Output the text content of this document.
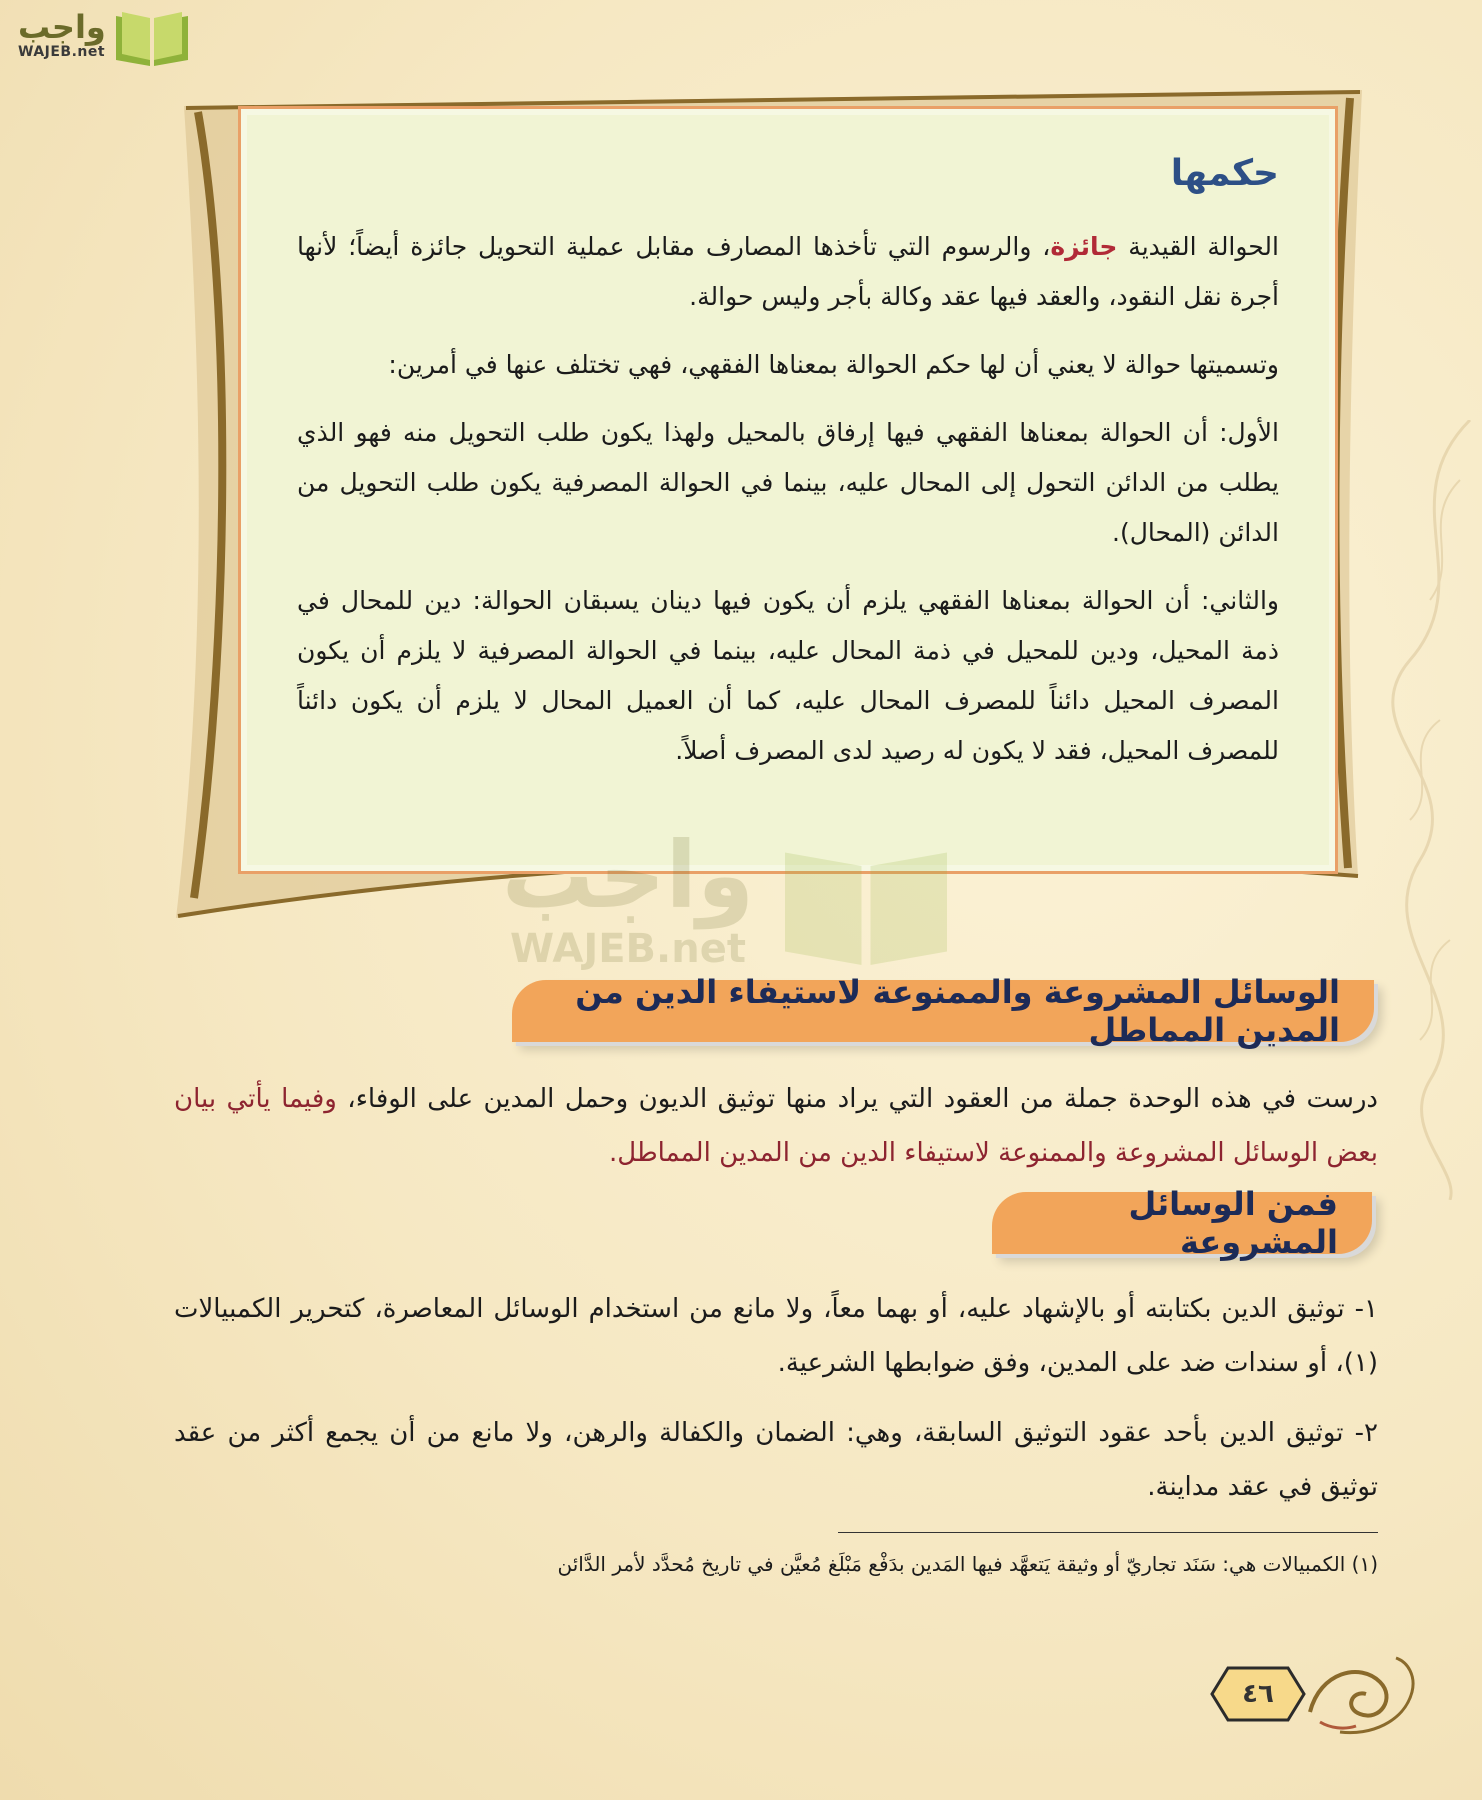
واجب
WAJEB.net
حكمها

الحوالة القيدية جائزة، والرسوم التي تأخذها المصارف مقابل عملية التحويل جائزة أيضاً؛ لأنها أجرة نقل النقود، والعقد فيها عقد وكالة بأجر وليس حوالة.

وتسميتها حوالة لا يعني أن لها حكم الحوالة بمعناها الفقهي، فهي تختلف عنها في أمرين:

الأول: أن الحوالة بمعناها الفقهي فيها إرفاق بالمحيل ولهذا يكون طلب التحويل منه فهو الذي يطلب من الدائن التحول إلى المحال عليه، بينما في الحوالة المصرفية يكون طلب التحويل من الدائن (المحال).

والثاني: أن الحوالة بمعناها الفقهي يلزم أن يكون فيها دينان يسبقان الحوالة: دين للمحال في ذمة المحيل، ودين للمحيل في ذمة المحال عليه، بينما في الحوالة المصرفية لا يلزم أن يكون المصرف المحيل دائناً للمصرف المحال عليه، كما أن العميل المحال لا يلزم أن يكون دائناً للمصرف المحيل، فقد لا يكون له رصيد لدى المصرف أصلاً.

واجب
WAJEB.net
الوسائل المشروعة والممنوعة لاستيفاء الدين من المدين المماطل
درست في هذه الوحدة جملة من العقود التي يراد منها توثيق الديون وحمل المدين على الوفاء، وفيما يأتي بيان بعض الوسائل المشروعة والممنوعة لاستيفاء الدين من المدين المماطل.
فمن الوسائل المشروعة
١- توثيق الدين بكتابته أو بالإشهاد عليه، أو بهما معاً، ولا مانع من استخدام الوسائل المعاصرة، كتحرير الكمبيالات (١)، أو سندات ضد على المدين، وفق ضوابطها الشرعية.
٢- توثيق الدين بأحد عقود التوثيق السابقة، وهي: الضمان والكفالة والرهن، ولا مانع من أن يجمع أكثر من عقد توثيق في عقد مداينة.
(١) الكمبيالات هي: سَنَد تجاريّ أو وثيقة يَتعهَّد فيها المَدين بدَفْع مَبْلَغ مُعيَّن في تاريخ مُحدَّد لأمر الدَّائن
٤٦
